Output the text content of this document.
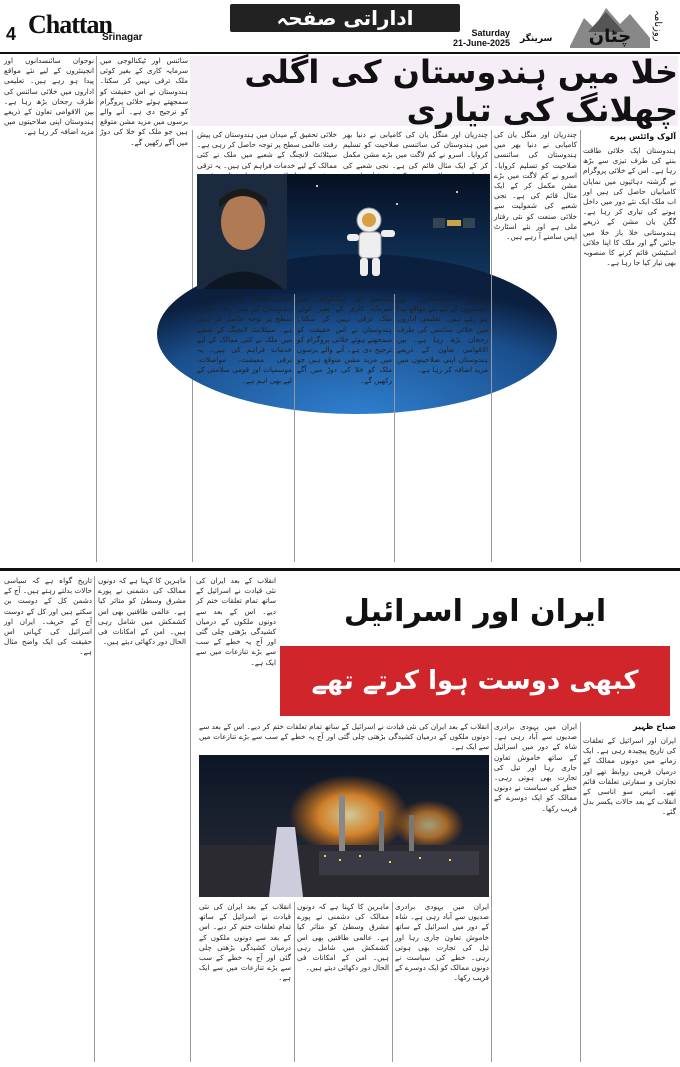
4 Chattan
Srinagar
اداراتی صفحہ
Saturday
21-June-2025 سرینگر چٹان روزنامہ
خلا میں ہندوستان کی اگلی چھلانگ کی تیاری
نوجوان سائنسدانوں اور انجینئروں کے لیے نئے مواقع پیدا ہو رہے ہیں۔ تعلیمی اداروں میں خلائی سائنس کی طرف رجحان بڑھ رہا ہے۔ بین الاقوامی تعاون کے ذریعے ہندوستان اپنی صلاحیتوں میں مزید اضافہ کر رہا ہے۔
سائنس اور ٹیکنالوجی میں سرمایہ کاری کے بغیر کوئی ملک ترقی نہیں کر سکتا۔ ہندوستان نے اس حقیقت کو سمجھتے ہوئے خلائی پروگرام کو ترجیح دی ہے۔ آنے والے برسوں میں مزید مشن متوقع ہیں جو ملک کو خلا کی دوڑ میں آگے رکھیں گے۔
خلائی تحقیق کے میدان میں ہندوستان کی پیش رفت عالمی سطح پر توجہ حاصل کر رہی ہے۔ سیٹلائٹ لانچنگ کے شعبے میں ملک نے کئی ممالک کے لیے خدمات فراہم کی ہیں۔ یہ ترقی
چندریان اور منگل یان کی کامیابی نے دنیا بھر میں ہندوستان کی سائنسی صلاحیت کو تسلیم کروایا۔ اسرو نے کم لاگت میں بڑے مشن مکمل کر کے ایک مثال قائم کی ہے۔ نجی شعبے کی
آلوک وائٹس پیرے
ہندوستان ایک خلائی طاقت بننے کی طرف تیزی سے بڑھ رہا ہے۔ اس کے خلائی پروگرام نے گزشتہ دہائیوں میں نمایاں کامیابیاں حاصل کی ہیں اور اب ملک ایک نئے دور میں داخل ہونے کی تیاری کر رہا ہے۔ گگن یان مشن کے ذریعے ہندوستانی خلا باز خلا میں جائیں گے اور ملک کا اپنا خلائی اسٹیشن قائم کرنے کا منصوبہ بھی تیار کیا جا رہا ہے۔
چندریان اور منگل یان کی کامیابی نے دنیا بھر میں ہندوستان کی سائنسی صلاحیت کو تسلیم کروایا۔ اسرو نے کم لاگت میں بڑے مشن مکمل کر کے ایک مثال قائم کی ہے۔ نجی شعبے کی شمولیت سے خلائی صنعت کو نئی رفتار ملی ہے اور نئے اسٹارٹ اپس سامنے آ رہے ہیں۔
خلائی تحقیق کے میدان میں ہندوستان کی پیش رفت عالمی سطح پر توجہ حاصل کر رہی ہے۔ سیٹلائٹ لانچنگ کے شعبے میں ملک نے کئی ممالک کے لیے خدمات فراہم کی ہیں۔ یہ ترقی معیشت، مواصلات، موسمیات اور قومی سلامتی کے لیے بھی اہم ہے۔
سائنس اور ٹیکنالوجی میں سرمایہ کاری کے بغیر کوئی ملک ترقی نہیں کر سکتا۔ ہندوستان نے اس حقیقت کو سمجھتے ہوئے خلائی پروگرام کو ترجیح دی ہے۔ آنے والے برسوں میں مزید مشن متوقع ہیں جو ملک کو خلا کی دوڑ میں آگے رکھیں گے۔
نوجوان سائنسدانوں اور انجینئروں کے لیے نئے مواقع پیدا ہو رہے ہیں۔ تعلیمی اداروں میں خلائی سائنس کی طرف رجحان بڑھ رہا ہے۔ بین الاقوامی تعاون کے ذریعے ہندوستان اپنی صلاحیتوں میں مزید اضافہ کر رہا ہے۔
ایران اور اسرائیل
کبھی دوست ہوا کرتے تھے
تاریخ گواہ ہے کہ سیاسی حالات بدلتے رہتے ہیں۔ آج کے دشمن کل کے دوست بن سکتے ہیں اور کل کے دوست آج کے حریف۔ ایران اور اسرائیل کی کہانی اس حقیقت کی ایک واضح مثال ہے۔
ماہرین کا کہنا ہے کہ دونوں ممالک کی دشمنی نے پورے مشرق وسطیٰ کو متاثر کیا ہے۔ عالمی طاقتیں بھی اس کشمکش میں شامل رہی ہیں۔ امن کے امکانات فی الحال دور دکھائی دیتے ہیں۔
انقلاب کے بعد ایران کی نئی قیادت نے اسرائیل کے ساتھ تمام تعلقات ختم کر دیے۔ اس کے بعد سے دونوں ملکوں کے درمیان کشیدگی بڑھتی چلی گئی اور آج یہ خطے کے سب سے بڑے تنازعات میں سے ایک ہے۔
صباح ظہیر
ایران اور اسرائیل کے تعلقات کی تاریخ پیچیدہ رہی ہے۔ ایک زمانے میں دونوں ممالک کے درمیان قریبی روابط تھے اور تجارتی و سفارتی تعلقات قائم تھے۔ انیس سو اناسی کے انقلاب کے بعد حالات یکسر بدل گئے۔
ایران میں یہودی برادری صدیوں سے آباد رہی ہے۔ شاہ کے دور میں اسرائیل کے ساتھ خاموش تعاون جاری رہا اور تیل کی تجارت بھی ہوتی رہی۔ خطے کی سیاست نے دونوں ممالک کو ایک دوسرے کے قریب رکھا۔
انقلاب کے بعد ایران کی نئی قیادت نے اسرائیل کے ساتھ تمام تعلقات ختم کر دیے۔ اس کے بعد سے دونوں ملکوں کے درمیان کشیدگی بڑھتی چلی گئی اور آج یہ خطے کے سب سے بڑے تنازعات میں سے ایک ہے۔
انقلاب کے بعد ایران کی نئی قیادت نے اسرائیل کے ساتھ تمام تعلقات ختم کر دیے۔ اس کے بعد سے دونوں ملکوں کے درمیان کشیدگی بڑھتی چلی گئی اور آج یہ خطے کے سب سے بڑے تنازعات میں سے ایک ہے۔
ماہرین کا کہنا ہے کہ دونوں ممالک کی دشمنی نے پورے مشرق وسطیٰ کو متاثر کیا ہے۔ عالمی طاقتیں بھی اس کشمکش میں شامل رہی ہیں۔ امن کے امکانات فی الحال دور دکھائی دیتے ہیں۔
ایران میں یہودی برادری صدیوں سے آباد رہی ہے۔ شاہ کے دور میں اسرائیل کے ساتھ خاموش تعاون جاری رہا اور تیل کی تجارت بھی ہوتی رہی۔ خطے کی سیاست نے دونوں ممالک کو ایک دوسرے کے قریب رکھا۔
